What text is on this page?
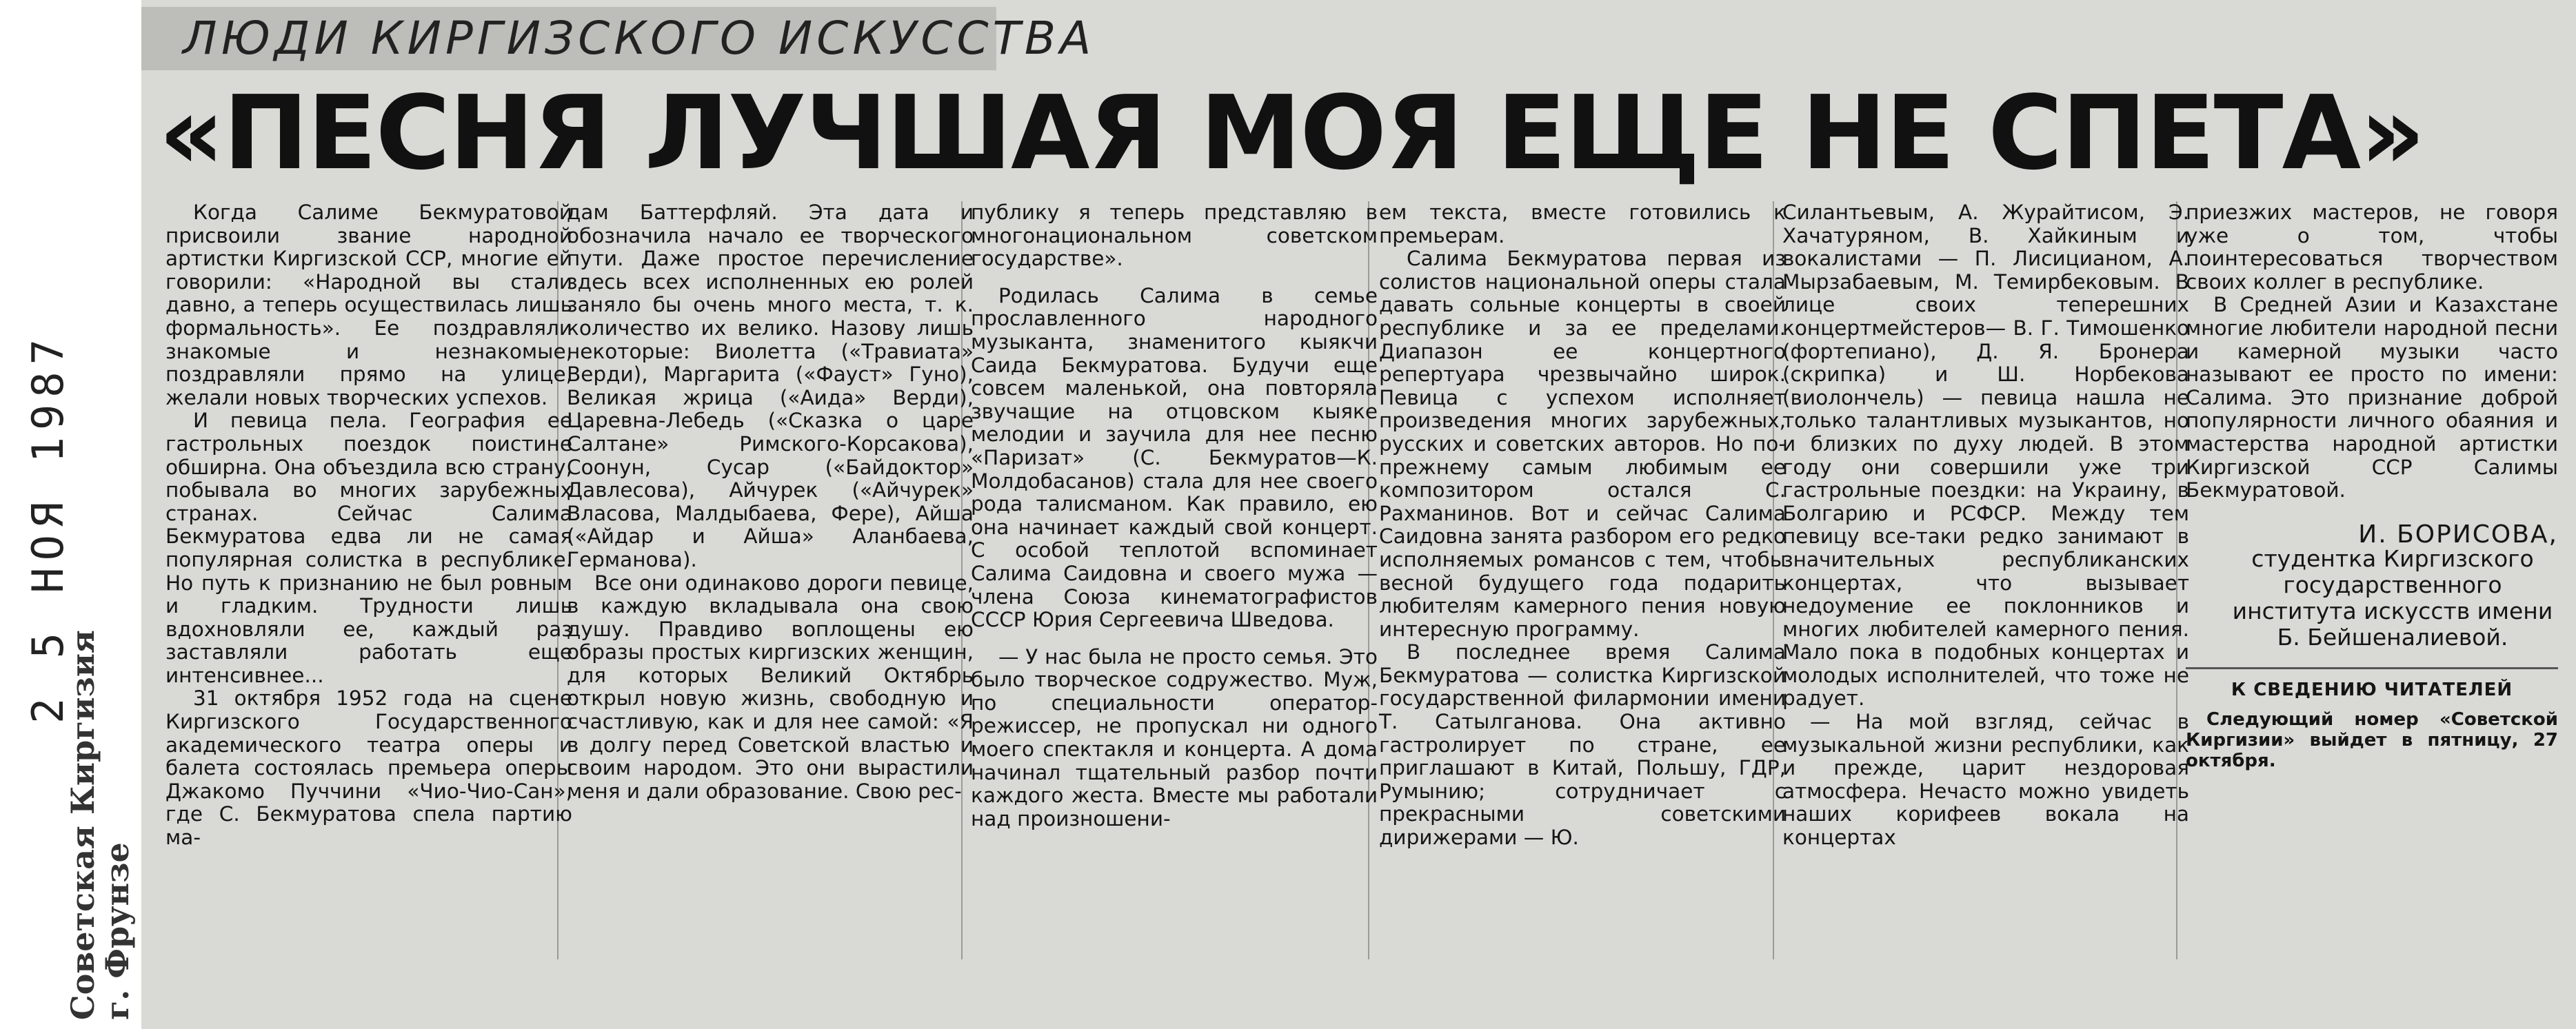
2 5 НОЯ 1987
Советская Киргизия
г. Фрунзе
ЛЮДИ КИРГИЗСКОГО ИСКУССТВА
«ПЕСНЯ ЛУЧШАЯ МОЯ ЕЩЕ НЕ СПЕТА»

Когда Салиме Бекмуратовой присвоили звание народной артистки Киргизской ССР, многие ей говорили: «Народной вы стали давно, а теперь осуществилась лишь формальность». Ее поздравляли знакомые и незнакомые, поздравляли прямо на улице, желали новых творческих успехов.

И певица пела. География ее гастрольных поездок поистине обширна. Она объездила всю страну, побывала во многих зарубежных странах. Сейчас Салима Бекмуратова едва ли не самая популярная солистка в республике. Но путь к признанию не был ровным и гладким. Трудности лишь вдохновляли ее, каждый раз заставляли работать еще интенсивнее...

31 октября 1952 года на сцене Киргизского Государственного академического театра оперы и балета состоялась премьера оперы Джакомо Пуччини «Чио-Чио-Сан», где С. Бекмуратова спела партию ма-

дам Баттерфляй. Эта дата и обозначила начало ее творческого пути. Даже простое перечисление здесь всех исполненных ею ролей заняло бы очень много места, т. к. количество их велико. Назову лишь некоторые: Виолетта («Травиата» Верди), Маргарита («Фауст» Гуно), Великая жрица («Аида» Верди), Царевна-Лебедь («Сказка о царе Салтане» Римского-Корсакова), Соонун, Сусар («Байдоктор» Давлесова), Айчурек («Айчурек» Власова, Малдыбаева, Фере), Айша («Айдар и Айша» Аланбаева, Германова).

Все они одинаково дороги певице, в каждую вкладывала она свою душу. Правдиво воплощены ею образы простых киргизских женщин, для которых Великий Октябрь открыл новую жизнь, свободную и счастливую, как и для нее самой: «Я в долгу перед Советской властью и своим народом. Это они вырастили меня и дали образование. Свою рес-

публику я теперь представляю в многонациональном советском государстве».

Родилась Салима в семье прославленного народного музыканта, знаменитого кыякчи Саида Бекмуратова. Будучи еще совсем маленькой, она повторяла звучащие на отцовском кыяке мелодии и заучила для нее песню «Паризат» (С. Бекмуратов—К. Молдобасанов) стала для нее своего рода талисманом. Как правило, ею она начинает каждый свой концерт. С особой теплотой вспоминает Салима Саидовна и своего мужа — члена Союза кинематографистов СССР Юрия Сергеевича Шведова.

— У нас была не просто семья. Это было творческое содружество. Муж, по специальности оператор-режиссер, не пропускал ни одного моего спектакля и концерта. А дома начинал тщательный разбор почти каждого жеста. Вместе мы работали над произношени-

ем текста, вместе готовились к премьерам.

Салима Бекмуратова первая из солистов национальной оперы стала давать сольные концерты в своей республике и за ее пределами. Диапазон ее концертного репертуара чрезвычайно широк. Певица с успехом исполняет произведения многих зарубежных, русских и советских авторов. Но по-прежнему самым любимым ее композитором остался С. Рахманинов. Вот и сейчас Салима Саидовна занята разбором его редко исполняемых романсов с тем, чтобы весной будущего года подарить любителям камерного пения новую интересную программу.

В последнее время Салима Бекмуратова — солистка Киргизской государственной филармонии имени Т. Сатылганова. Она активно гастролирует по стране, ее приглашают в Китай, Польшу, ГДР, Румынию; сотрудничает с прекрасными советскими дирижерами — Ю.

Силантьевым, А. Журайтисом, Э. Хачатуряном, В. Хайкиным и вокалистами — П. Лисицианом, А. Мырзабаевым, М. Темирбековым. В лице своих теперешних концертмейстеров— В. Г. Тимошенко (фортепиано), Д. Я. Бронера (скрипка) и Ш. Норбекова (виолончель) — певица нашла не только талантливых музыкантов, но и близких по духу людей. В этом году они совершили уже три гастрольные поездки: на Украину, в Болгарию и РСФСР. Между тем певицу все-таки редко занимают в значительных республиканских концертах, что вызывает недоумение ее поклонников и многих любителей камерного пения. Мало пока в подобных концертах и молодых исполнителей, что тоже не радует.

— На мой взгляд, сейчас в музыкальной жизни республики, как и прежде, царит нездоровая атмосфера. Нечасто можно увидеть наших корифеев вокала на концертах

приезжих мастеров, не говоря уже о том, чтобы поинтересоваться творчеством своих коллег в республике.

В Средней Азии и Казахстане многие любители народной песни и камерной музыки часто называют ее просто по имени: Салима. Это признание доброй популярности личного обаяния и мастерства народной артистки Киргизской ССР Салимы Бекмуратовой.

И. БОРИСОВА,

студентка Киргизского государственного института искусств имени Б. Бейшеналиевой.

К СВЕДЕНИЮ ЧИТАТЕЛЕЙ

Следующий номер «Советской Киргизии» выйдет в пятницу, 27 октября.
